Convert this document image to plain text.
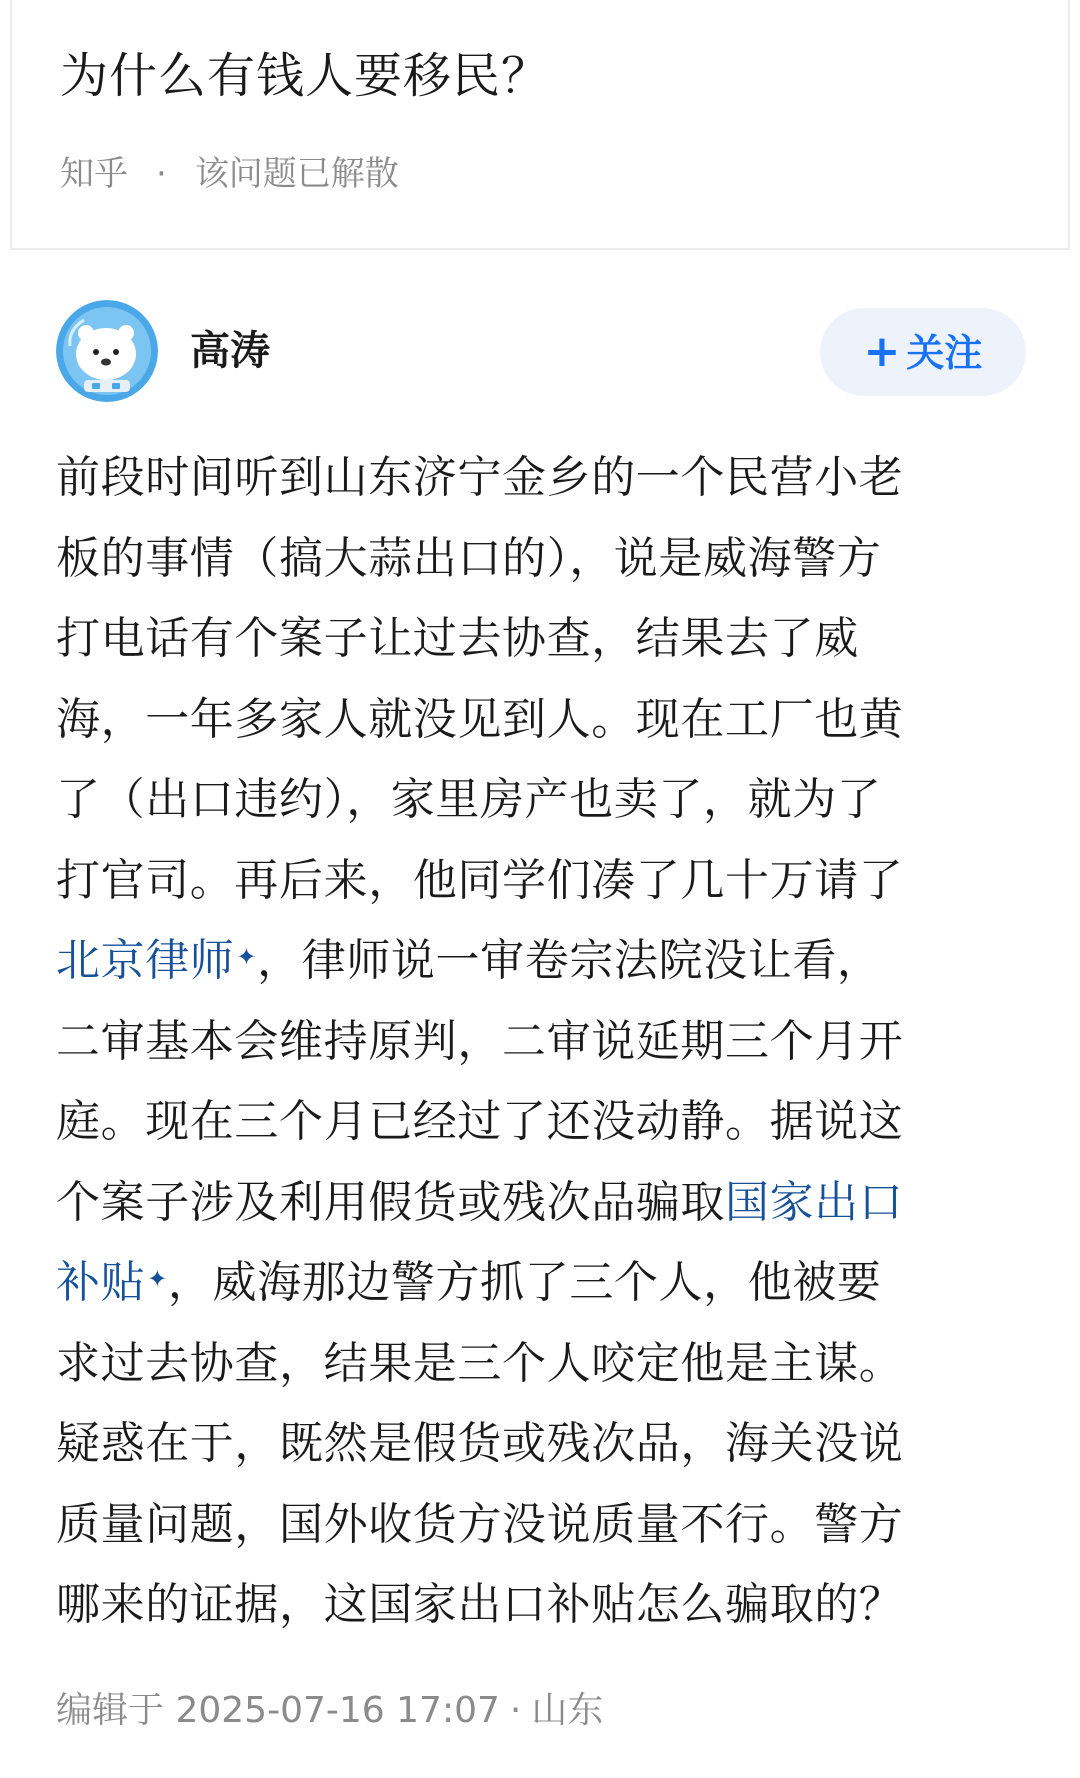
为什么有钱人要移民？
知乎 · 该问题已解散
高涛	+ 关注

前段时间听到山东济宁金乡的一个民营小老
板的事情（搞大蒜出口的），说是威海警方
打电话有个案子让过去协查，结果去了威
海，一年多家人就没见到人。现在工厂也黄
了（出口违约），家里房产也卖了，就为了
打官司。再后来，他同学们凑了几十万请了
北京律师✦，律师说一审卷宗法院没让看，
二审基本会维持原判，二审说延期三个月开
庭。现在三个月已经过了还没动静。据说这
个案子涉及利用假货或残次品骗取国家出口
补贴✦，威海那边警方抓了三个人，他被要
求过去协查，结果是三个人咬定他是主谋。
疑惑在于，既然是假货或残次品，海关没说
质量问题，国外收货方没说质量不行。警方
哪来的证据，这国家出口补贴怎么骗取的？

编辑于 2025-07-16 17:07 · 山东
